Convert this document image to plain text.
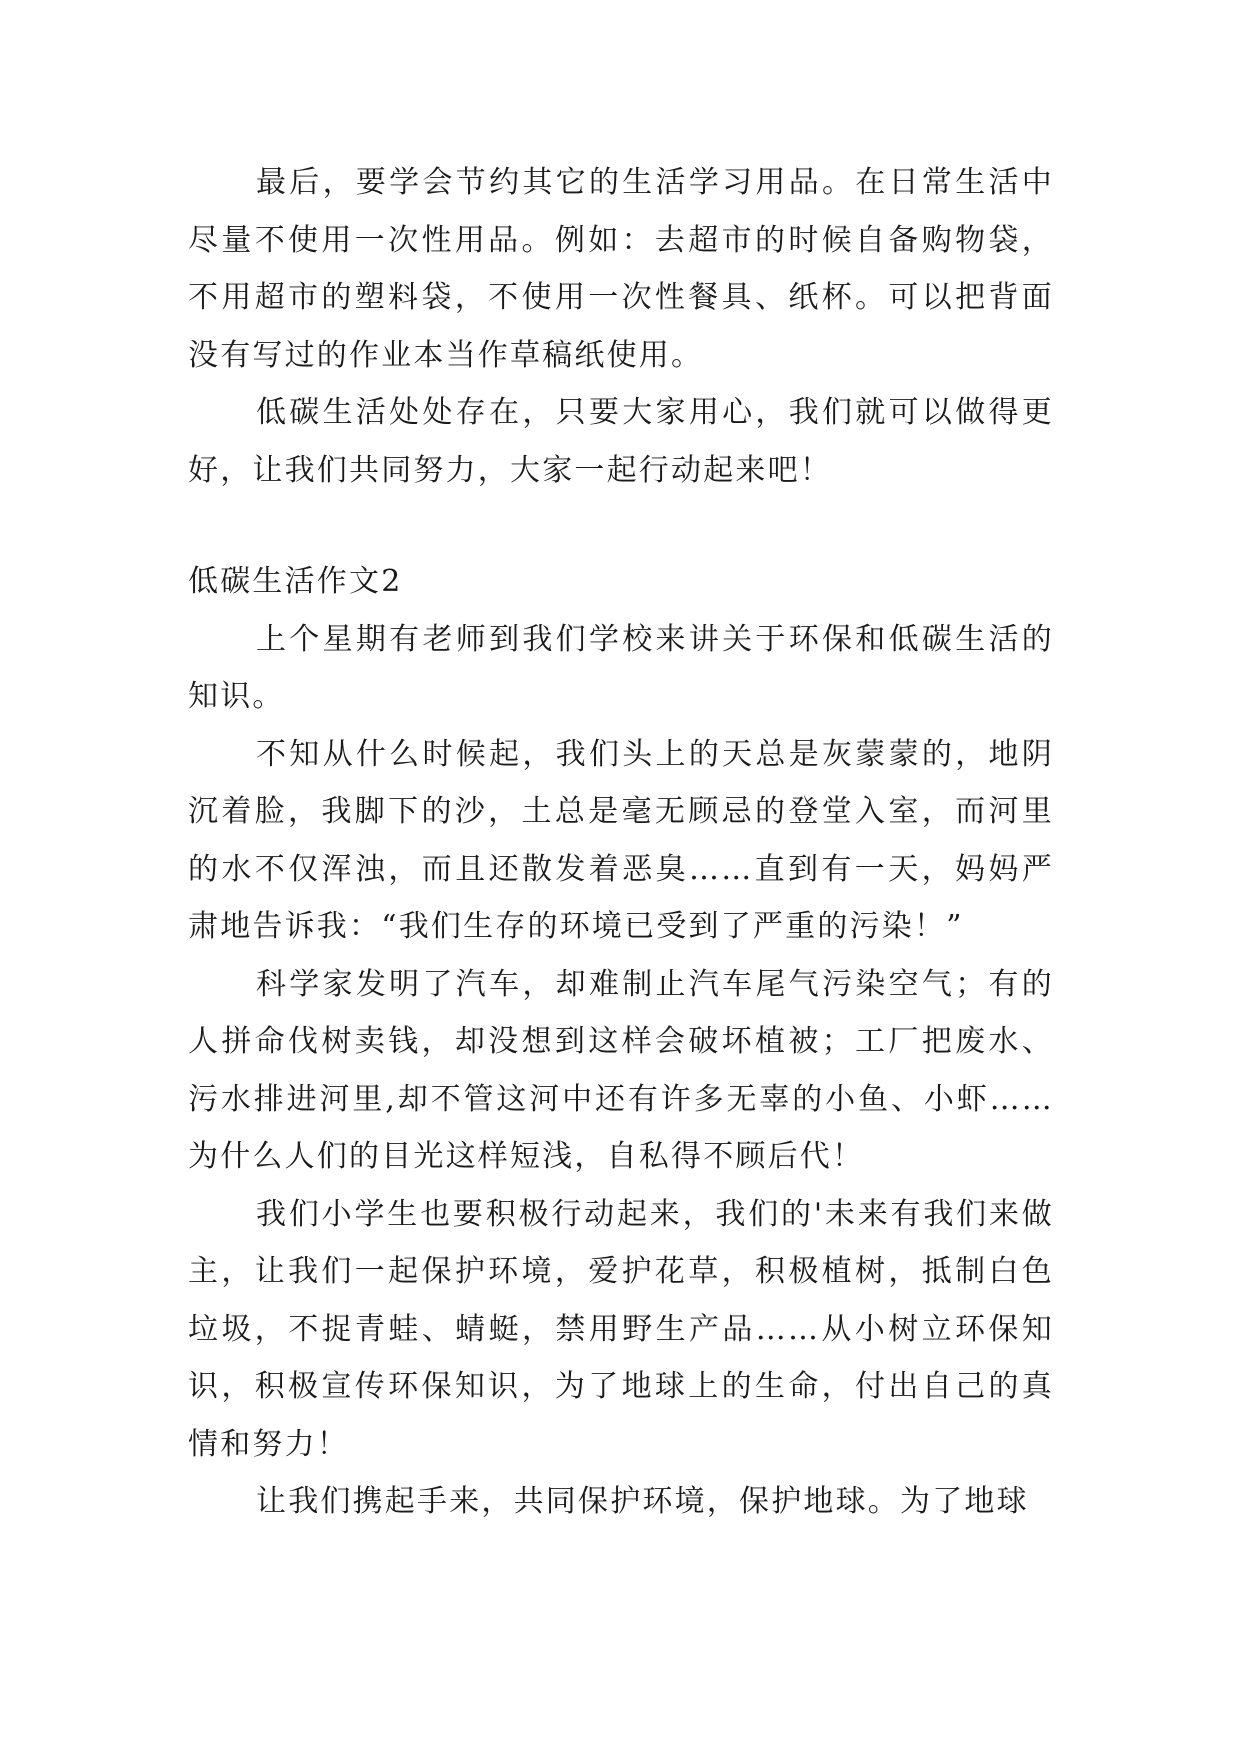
最后，要学会节约其它的生活学习用品。在日常生活中尽量不使用一次性用品。例如：去超市的时候自备购物袋，不用超市的塑料袋，不使用一次性餐具、纸杯。可以把背面没有写过的作业本当作草稿纸使用。

低碳生活处处存在，只要大家用心，我们就可以做得更好，让我们共同努力，大家一起行动起来吧！

低碳生活作文2

上个星期有老师到我们学校来讲关于环保和低碳生活的知识。

不知从什么时候起，我们头上的天总是灰蒙蒙的，地阴沉着脸，我脚下的沙，土总是毫无顾忌的登堂入室，而河里的水不仅浑浊，而且还散发着恶臭……直到有一天，妈妈严肃地告诉我：“我们生存的环境已受到了严重的污染！”

科学家发明了汽车，却难制止汽车尾气污染空气；有的人拼命伐树卖钱，却没想到这样会破坏植被；工厂把废水、污水排进河里,却不管这河中还有许多无辜的小鱼、小虾……为什么人们的目光这样短浅，自私得不顾后代！

我们小学生也要积极行动起来，我们的'未来有我们来做主，让我们一起保护环境，爱护花草，积极植树，抵制白色垃圾，不捉青蛙、蜻蜓，禁用野生产品……从小树立环保知识，积极宣传环保知识，为了地球上的生命，付出自己的真情和努力！

让我们携起手来，共同保护环境，保护地球。为了地球
